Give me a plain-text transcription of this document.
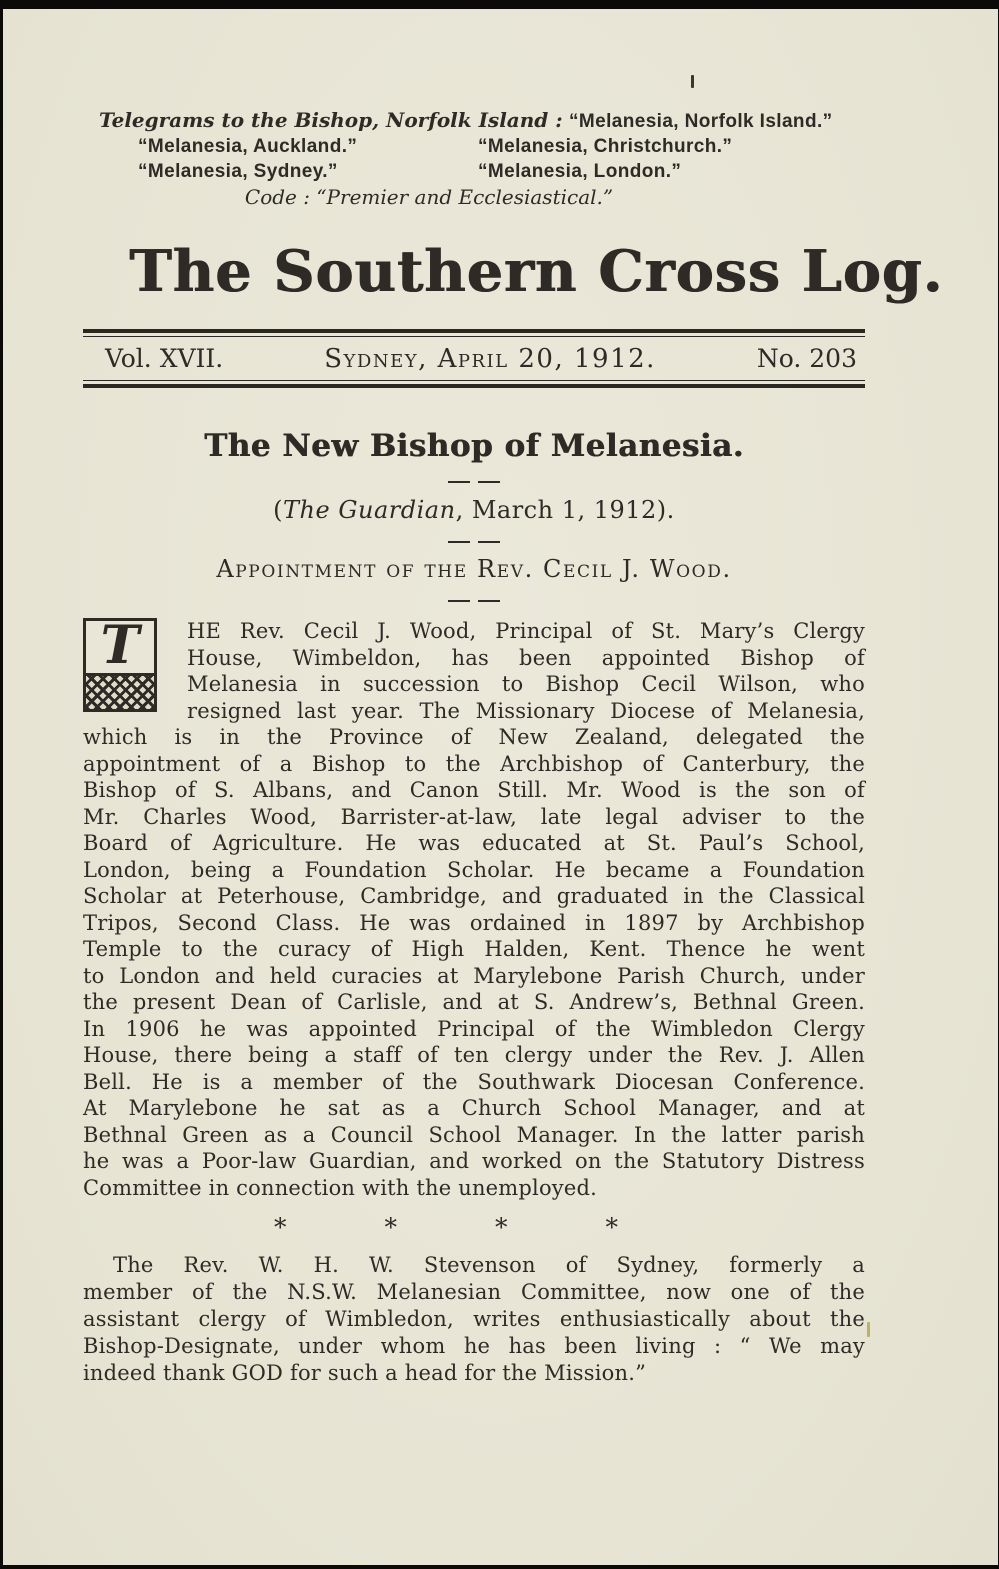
Telegrams to the Bishop, Norfolk Island : “Melanesia, Norfolk Island.”
“Melanesia, Auckland.”	“Melanesia, Christchurch.”
“Melanesia, Sydney.”	“Melanesia, London.”
Code : “Premier and Ecclesiastical.”
The Southern Cross Log.
Vol. XVII.	Sydney, April 20, 1912.	No. 203
The New Bishop of Melanesia.
(The Guardian, March 1, 1912).
Appointment of the Rev. Cecil J. Wood.
T	HE Rev. Cecil J. Wood, Principal of St. Mary’s Clergy
House, Wimbeldon, has been appointed Bishop of
Melanesia in succession to Bishop Cecil Wilson, who
resigned last year. The Missionary Diocese of Melanesia,
which is in the Province of New Zealand, delegated the
appointment of a Bishop to the Archbishop of Canterbury, the
Bishop of S. Albans, and Canon Still. Mr. Wood is the son of
Mr. Charles Wood, Barrister-at-law, late legal adviser to the
Board of Agriculture. He was educated at St. Paul’s School,
London, being a Foundation Scholar. He became a Foundation
Scholar at Peterhouse, Cambridge, and graduated in the Classical
Tripos, Second Class. He was ordained in 1897 by Archbishop
Temple to the curacy of High Halden, Kent. Thence he went
to London and held curacies at Marylebone Parish Church, under
the present Dean of Carlisle, and at S. Andrew’s, Bethnal Green.
In 1906 he was appointed Principal of the Wimbledon Clergy
House, there being a staff of ten clergy under the Rev. J. Allen
Bell. He is a member of the Southwark Diocesan Conference.
At Marylebone he sat as a Church School Manager, and at
Bethnal Green as a Council School Manager. In the latter parish
he was a Poor-law Guardian, and worked on the Statutory Distress
Committee in connection with the unemployed.
*	*	*	*
The Rev. W. H. W. Stevenson of Sydney, formerly a
member of the N.S.W. Melanesian Committee, now one of the
assistant clergy of Wimbledon, writes enthusiastically about the
Bishop-Designate, under whom he has been living : “ We may
indeed thank GOD for such a head for the Mission.”
